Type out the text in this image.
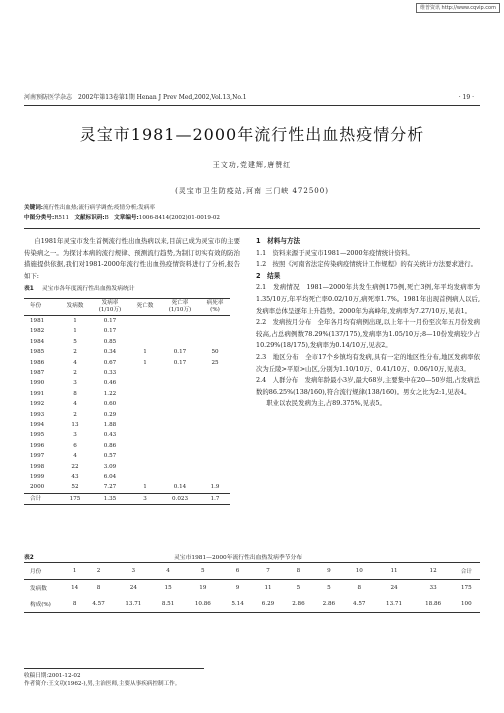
维普资讯 http://www.cqvip.com
河南预防医学杂志　2002年第13卷第1期 Henan J Prev Med,2002,Vol.13,No.1	· 19 ·
灵宝市1981—2000年流行性出血热疫情分析
王文功,党建辉,唐赞红
(灵宝市卫生防疫站,河南 三门峡 472500)
关键词:流行性出血热;流行病学调查;疫情分析;发病率
中图分类号:R511 文献标识码:B 文章编号:1006-8414(2002)01-0019-02

自1981年灵宝市发生首例流行性出血热病以来,目前已成为灵宝市的主要传染病之一。为探讨本病的流行规律、预测流行趋势,为制订切实有效的防治措施提供依据,我们对1981-2000年流行性出血热疫情资料进行了分析,报告如下:

表1 灵宝市各年度流行性出血热发病统计
年份	发病数	发病率
(1/10万)	死亡数	死亡率
(1/10万)	病死率
(%)
1981	1	0.17			
1982	1	0.17			
1984	5	0.85			
1985	2	0.34	1	0.17	50
1986	4	0.67	1	0.17	25
1987	2	0.33			
1990	3	0.46			
1991	8	1.22			
1992	4	0.60			
1993	2	0.29			
1994	13	1.88			
1995	3	0.43			
1996	6	0.86			
1997	4	0.57			
1998	22	3.09			
1999	43	6.04			
2000	52	7.27	1	0.14	1.9
合计	175	1.35	3	0.023	1.7

1　材料与方法

1.1　资料来源于灵宝市1981—2000年疫情统计资料。

1.2　按照《河南省法定传染病疫情统计工作规程》的有关统计方法要求进行。

2　结果

2.1　发病情况　1981—2000年共发生病例175例,死亡3例,年平均发病率为1.35/10万,年平均死亡率0.02/10万,病死率1.7%。1981年出现首例病人以后,发病率总体呈逐年上升趋势。2000年为高峰年,发病率为7.27/10万,见表1。

2.2　发病按月分布　全年各月均有病例出现,以上年十一月份至次年五月份发病较高,占总病例数78.29%(137/175),发病率为1.05/10万;8—10份发病较少占10.29%(18/175),发病率为0.14/10万,见表2。

2.3　地区分布　全市17个乡镇均有发病,具有一定的地区性分布,地区发病率依次为丘陵>平原>山区,分别为1.10/10万、0.41/10万、0.06/10万,见表3。

2.4　人群分布　发病年龄最小3岁,最大68岁,主要集中在20—50岁组,占发病总数的86.25%(138/160),符合流行规律(138/160)。男女之比为2:1,见表4。

职业以农民发病为主,占89.375%,见表5。

表2	灵宝市1981—2000年流行性出血热发病季节分布
月份	1	2	3	4	5	6	7	8	9	10	11	12	合计
发病数	14	8	24	15	19	9	11	5	5	8	24	33	175
构成(%)	8	4.57	13.71	8.51	10.86	5.14	6.29	2.86	2.86	4.57	13.71	18.86	100
收稿日期:2001-12-02
作者简介:王文功(1962-),男,主治医师,主要从事疾病控制工作。
